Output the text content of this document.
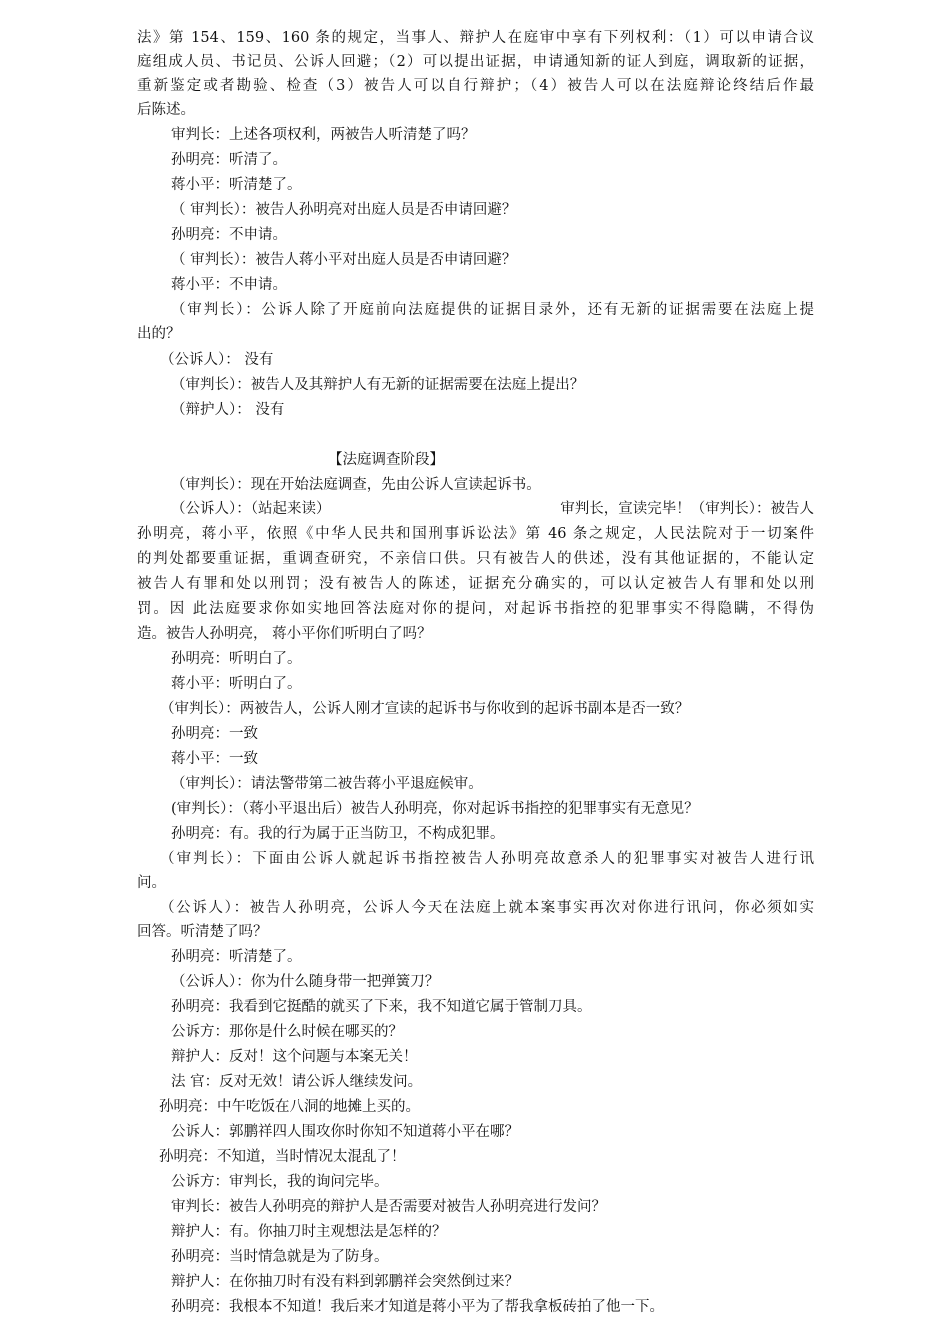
法》第 154、159、160 条的规定，当事人、辩护人在庭审中享有下列权利：（1）可以申请合议
庭组成人员、书记员、公诉人回避；（2）可以提出证据，申请通知新的证人到庭，调取新的证据，
重新鉴定或者勘验、检查（3）被告人可以自行辩护；（4）被告人可以在法庭辩论终结后作最
后陈述。
审判长：上述各项权利，两被告人听清楚了吗？
孙明亮：听清了。
蒋小平：听清楚了。
（ 审判长）：被告人孙明亮对出庭人员是否申请回避？
孙明亮：不申请。
（ 审判长）：被告人蒋小平对出庭人员是否申请回避？
蒋小平：不申请。
（审判长）：公诉人除了开庭前向法庭提供的证据目录外，还有无新的证据需要在法庭上提
出的？
（公诉人）： 没有
（审判长）：被告人及其辩护人有无新的证据需要在法庭上提出？
（辩护人）： 没有
【法庭调查阶段】
（审判长）：现在开始法庭调查，先由公诉人宣读起诉书。
（公诉人）：（站起来读）	审判长，宣读完毕！（审判长）：被告人
孙明亮，蒋小平，依照《中华人民共和国刑事诉讼法》第 46 条之规定，人民法院对于一切案件
的判处都要重证据，重调查研究，不亲信口供。只有被告人的供述，没有其他证据的，不能认定
被告人有罪和处以刑罚；没有被告人的陈述，证据充分确实的，可以认定被告人有罪和处以刑
罚。因 此法庭要求你如实地回答法庭对你的提问，对起诉书指控的犯罪事实不得隐瞒，不得伪
造。被告人孙明亮， 蒋小平你们听明白了吗？
孙明亮：听明白了。
蒋小平：听明白了。
（审判长）：两被告人，公诉人刚才宣读的起诉书与你收到的起诉书副本是否一致？
孙明亮：一致
蒋小平：一致
（审判长）：请法警带第二被告蒋小平退庭候审。
(审判长）：（蒋小平退出后）被告人孙明亮，你对起诉书指控的犯罪事实有无意见？
孙明亮：有。我的行为属于正当防卫，不构成犯罪。
（审判长）：下面由公诉人就起诉书指控被告人孙明亮故意杀人的犯罪事实对被告人进行讯
问。
（公诉人）：被告人孙明亮，公诉人今天在法庭上就本案事实再次对你进行讯问，你必须如实
回答。听清楚了吗？
孙明亮：听清楚了。
（公诉人）：你为什么随身带一把弹簧刀？
孙明亮：我看到它挺酷的就买了下来，我不知道它属于管制刀具。
公诉方：那你是什么时候在哪买的？
辩护人：反对！这个问题与本案无关！
法 官：反对无效！请公诉人继续发问。
孙明亮：中午吃饭在八洞的地摊上买的。
公诉人：郭鹏祥四人围攻你时你知不知道蒋小平在哪？
孙明亮：不知道，当时情况太混乱了！
公诉方：审判长，我的询问完毕。
审判长：被告人孙明亮的辩护人是否需要对被告人孙明亮进行发问？
辩护人：有。你抽刀时主观想法是怎样的？
孙明亮：当时情急就是为了防身。
辩护人：在你抽刀时有没有料到郭鹏祥会突然倒过来？
孙明亮：我根本不知道！我后来才知道是蒋小平为了帮我拿板砖拍了他一下。
